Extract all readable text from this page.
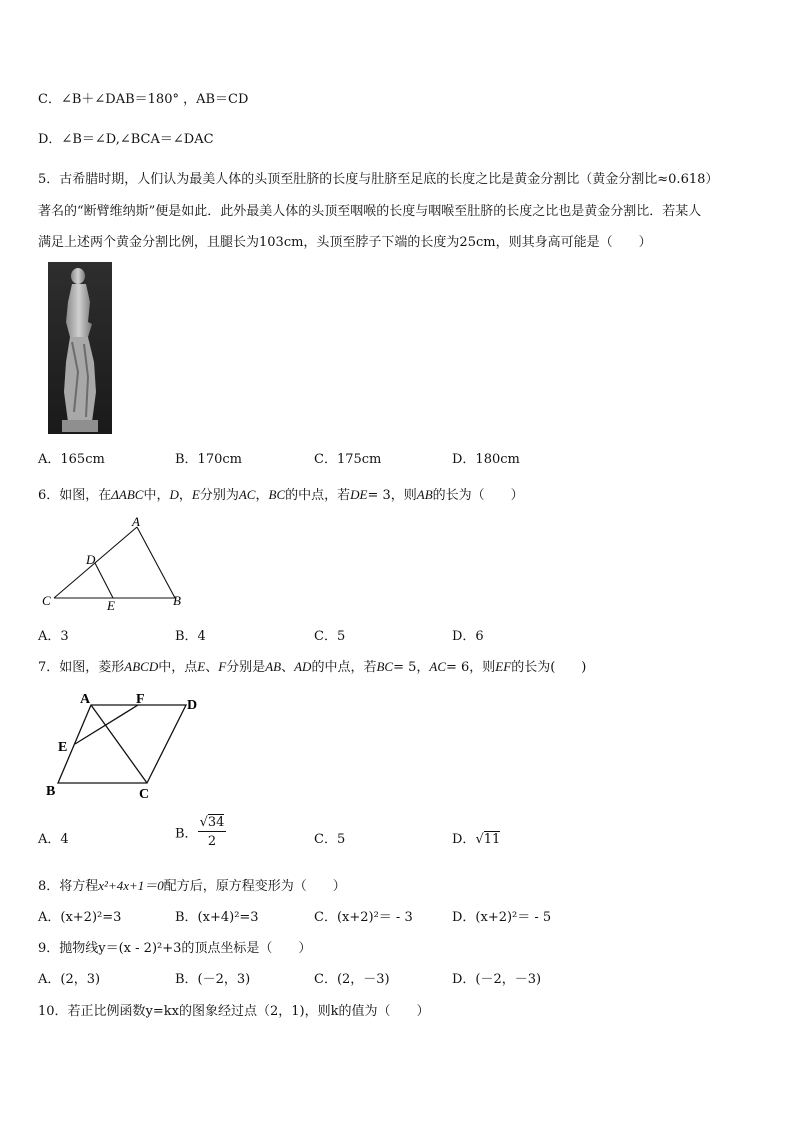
C．∠B＋∠DAB＝180° ，AB＝CD
D．∠B＝∠D,∠BCA＝∠DAC
5．古希腊时期，人们认为最美人体的头顶至肚脐的长度与肚脐至足底的长度之比是黄金分割比（黄金分割比≈0.618）
著名的“断臂维纳斯”便是如此．此外最美人体的头顶至咽喉的长度与咽喉至肚脐的长度之比也是黄金分割比．若某人
满足上述两个黄金分割比例，且腿长为103cm，头顶至脖子下端的长度为25cm，则其身高可能是（　　）
A．165cm	B．170cm	C．175cm	D．180cm
6．如图，在ΔABC中，D，E分别为AC，BC的中点，若DE= 3，则AB的长为（　　）
A
D
C	E	B
A．3	B．4	C．5	D．6
7．如图，菱形ABCD中，点E、F分别是AB、AD的中点，若BC= 5，AC= 6，则EF的长为(　　)
A	F	D
E
B	C
A．4	B． $\frac{√34}{2}$	C．5	D．√11
8．将方程x²+4x+1＝0配方后，原方程变形为（　　）
A．(x+2)²=3	B．(x+4)²=3	C．(x+2)²＝ - 3	D．(x+2)²＝ - 5
9．抛物线y＝(x - 2)²+3的顶点坐标是（　　）
A．(2，3)	B．(－2，3)	C．(2，－3)	D．(－2，－3)
10．若正比例函数y=kx的图象经过点（2，1)，则k的值为（　　）
